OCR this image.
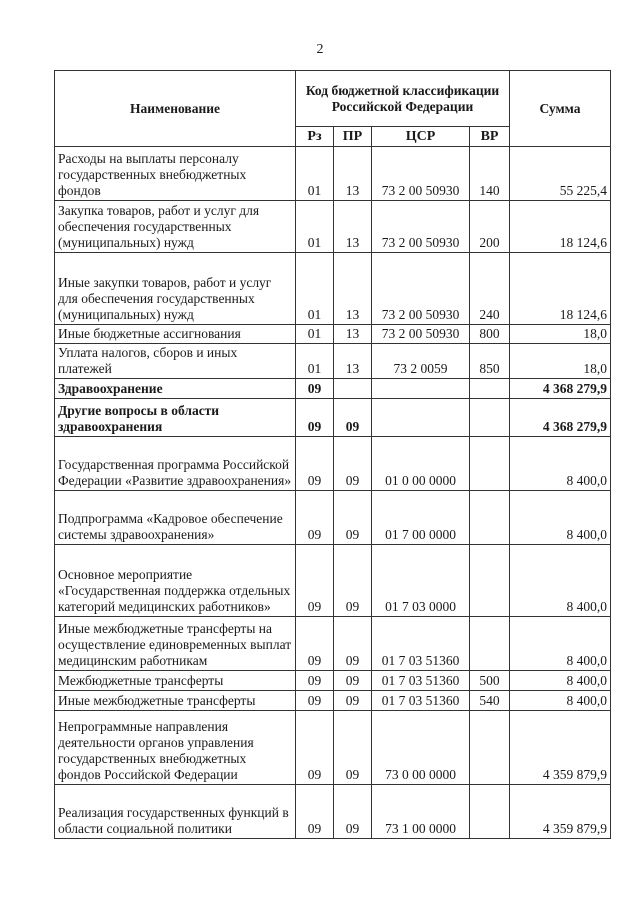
2
Наименование	Код бюджетной классификации Российской Федерации				Сумма
	Рз	ПР	ЦСР	ВР	
Расходы на выплаты персоналу государственных внебюджетных фондов	01	13	73 2 00 50930	140	55 225,4
Закупка товаров, работ и услуг для обеспечения государственных (муниципальных) нужд	01	13	73 2 00 50930	200	18 124,6
Иные закупки товаров, работ и услуг для обеспечения государственных (муниципальных) нужд	01	13	73 2 00 50930	240	18 124,6
Иные бюджетные ассигнования	01	13	73 2 00 50930	800	18,0
Уплата налогов, сборов и иных платежей	01	13	73 2 0059	850	18,0
Здравоохранение	09				4 368 279,9
Другие вопросы в области здравоохранения	09	09			4 368 279,9
Государственная программа Российской Федерации «Развитие здравоохранения»	09	09	01 0 00 0000		8 400,0
Подпрограмма «Кадровое обеспечение системы здравоохранения»	09	09	01 7 00 0000		8 400,0
Основное мероприятие «Государственная поддержка отдельных категорий медицинских работников»	09	09	01 7 03 0000		8 400,0
Иные межбюджетные трансферты на осуществление единовременных выплат медицинским работникам	09	09	01 7 03 51360		8 400,0
Межбюджетные трансферты	09	09	01 7 03 51360	500	8 400,0
Иные межбюджетные трансферты	09	09	01 7 03 51360	540	8 400,0
Непрограммные направления деятельности органов управления государственных внебюджетных фондов Российской Федерации	09	09	73 0 00 0000		4 359 879,9
Реализация государственных функций в области социальной политики	09	09	73 1 00 0000		4 359 879,9
